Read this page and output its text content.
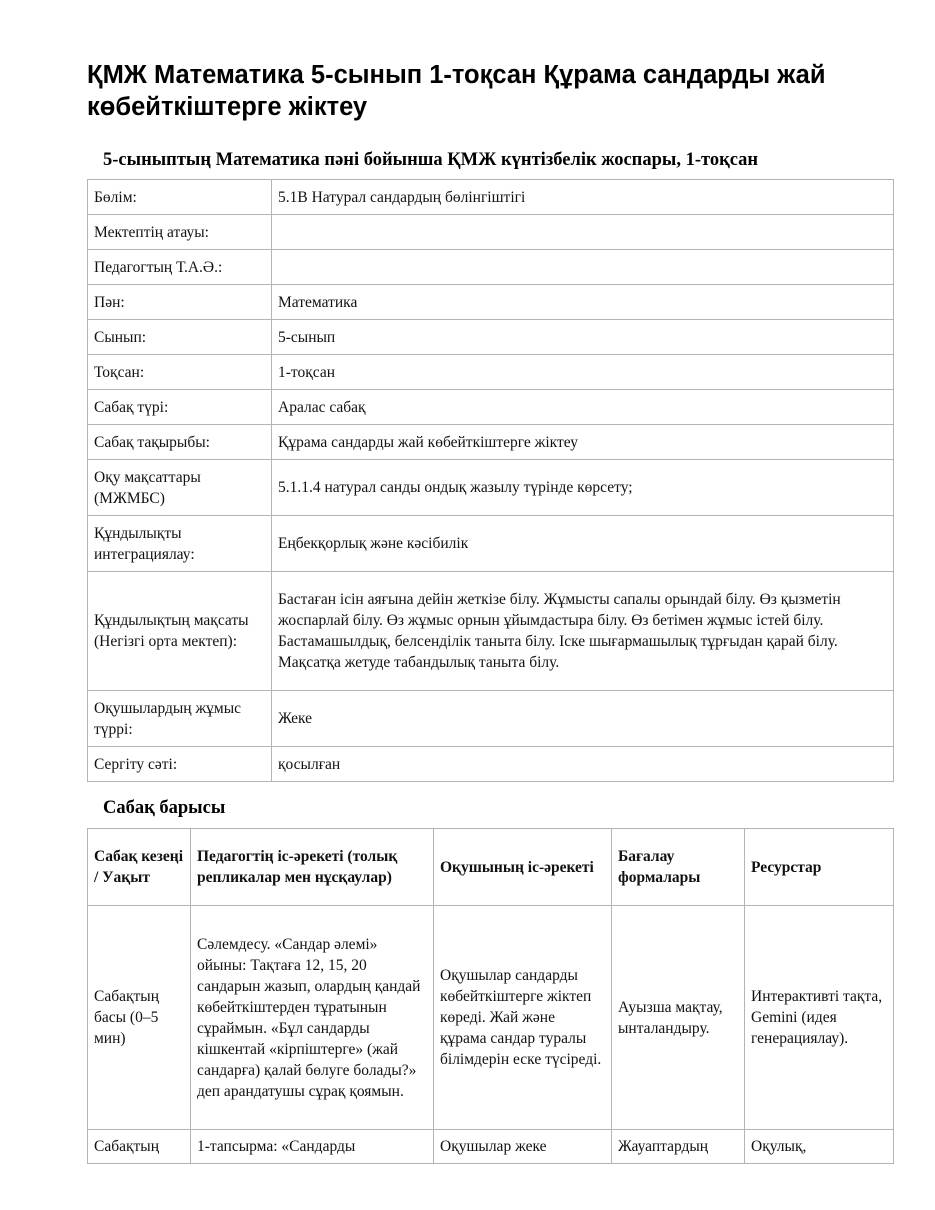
ҚМЖ Математика 5-сынып 1-тоқсан Құрама сандарды жай көбейткіштерге жіктеу
5-сыныптың Математика пәні бойынша ҚМЖ күнтізбелік жоспары, 1-тоқсан
Бөлім:	5.1В Натурал сандардың бөлінгіштігі
Мектептің атауы:	
Педагогтың Т.А.Ә.:	
Пән:	Математика
Сынып:	5-сынып
Тоқсан:	1-тоқсан
Сабақ түрі:	Аралас сабақ
Сабақ тақырыбы:	Құрама сандарды жай көбейткіштерге жіктеу
Оқу мақсаттары (МЖМБС)	5.1.1.4 натурал санды ондық жазылу түрінде көрсету;
Құндылықты интеграциялау:	Еңбекқорлық және кәсібилік
Құндылықтың мақсаты (Негізгі орта мектеп):	Бастаған ісін аяғына дейін жеткізе білу. Жұмысты сапалы орындай білу. Өз қызметін жоспарлай білу. Өз жұмыс орнын ұйымдастыра білу. Өз бетімен жұмыс істей білу. Бастамашылдық, белсенділік таныта білу. Іске шығармашылық тұрғыдан қарай білу. Мақсатқа жетуде табандылық таныта білу.
Оқушылардың жұмыс түррі:	Жеке
Сергіту сәті:	қосылған
Сабақ барысы
Сабақ кезеңі / Уақыт	Педагогтің іс-әрекеті (толық репликалар мен нұсқаулар)	Оқушының іс-әрекеті	Бағалау формалары	Ресурстар
Сабақтың басы (0–5 мин)	Сәлемдесу. «Сандар әлемі» ойыны: Тақтаға 12, 15, 20 сандарын жазып, олардың қандай көбейткіштерден тұратынын сұраймын. «Бұл сандарды кішкентай «кірпіштерге» (жай сандарға) қалай бөлуге болады?» деп арандатушы сұрақ қоямын.	Оқушылар сандарды көбейткіштерге жіктеп көреді. Жай және құрама сандар туралы білімдерін еске түсіреді.	Ауызша мақтау, ынталандыру.	Интерактивті тақта, Gemini (идея генерациялау).
Сабақтың	1-тапсырма: «Сандарды	Оқушылар жеке	Жауаптардың	Оқулық,
